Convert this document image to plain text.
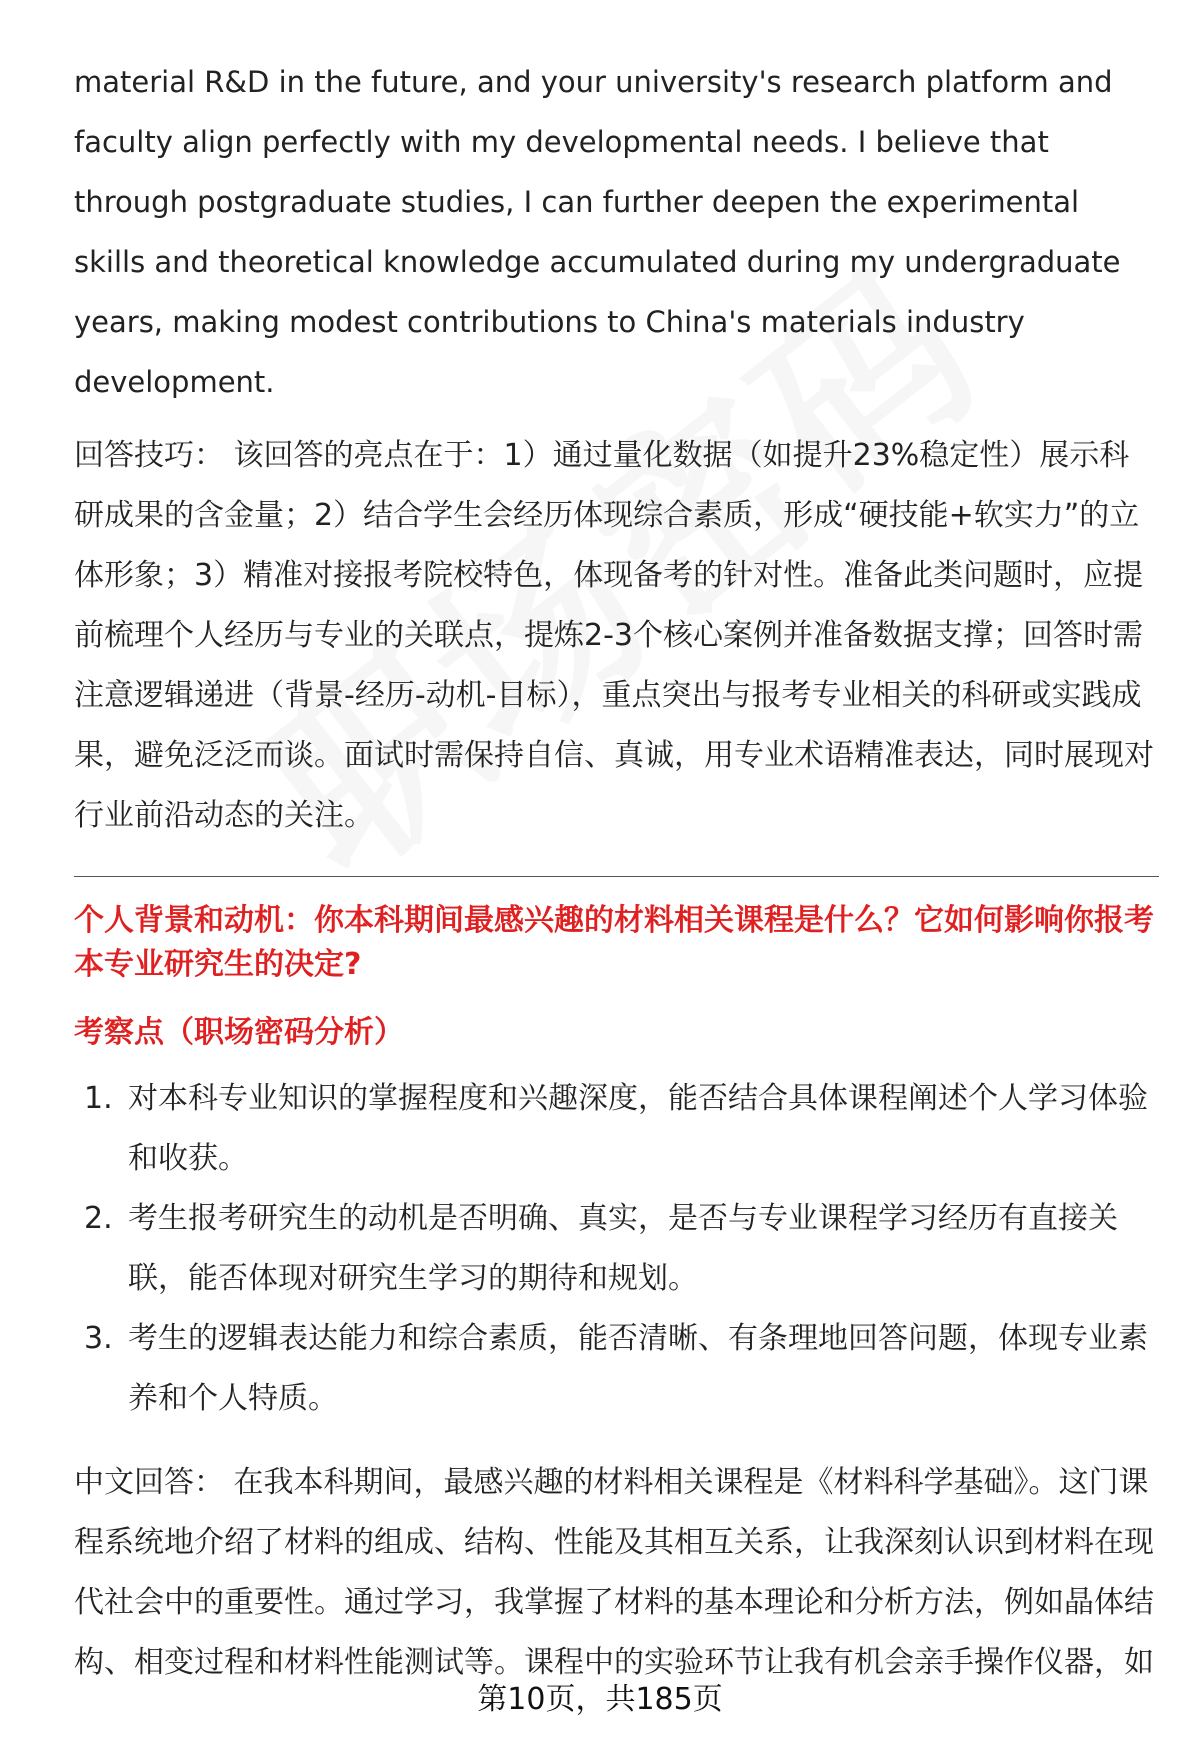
material R&D in the future, and your university's research platform and faculty align perfectly with my developmental needs. I believe that through postgraduate studies, I can further deepen the experimental skills and theoretical knowledge accumulated during my undergraduate years, making modest contributions to China's materials industry development.

回答技巧： 该回答的亮点在于：1）通过量化数据（如提升23%稳定性）展示科研成果的含金量；2）结合学生会经历体现综合素质，形成“硬技能+软实力”的立体形象；3）精准对接报考院校特色，体现备考的针对性。准备此类问题时，应提前梳理个人经历与专业的关联点，提炼2-3个核心案例并准备数据支撑；回答时需注意逻辑递进（背景-经历-动机-目标），重点突出与报考专业相关的科研或实践成果，避免泛泛而谈。面试时需保持自信、真诚，用专业术语精准表达，同时展现对行业前沿动态的关注。

个人背景和动机：你本科期间最感兴趣的材料相关课程是什么？它如何影响你报考本专业研究生的决定?

考察点（职场密码分析）

1. 对本科专业知识的掌握程度和兴趣深度，能否结合具体课程阐述个人学习体验和收获。
2. 考生报考研究生的动机是否明确、真实，是否与专业课程学习经历有直接关联，能否体现对研究生学习的期待和规划。
3. 考生的逻辑表达能力和综合素质，能否清晰、有条理地回答问题，体现专业素养和个人特质。

中文回答： 在我本科期间，最感兴趣的材料相关课程是《材料科学基础》。这门课程系统地介绍了材料的组成、结构、性能及其相互关系，让我深刻认识到材料在现代社会中的重要性。通过学习，我掌握了材料的基本理论和分析方法，例如晶体结构、相变过程和材料性能测试等。课程中的实验环节让我有机会亲手操作仪器，如

第10页，共185页
